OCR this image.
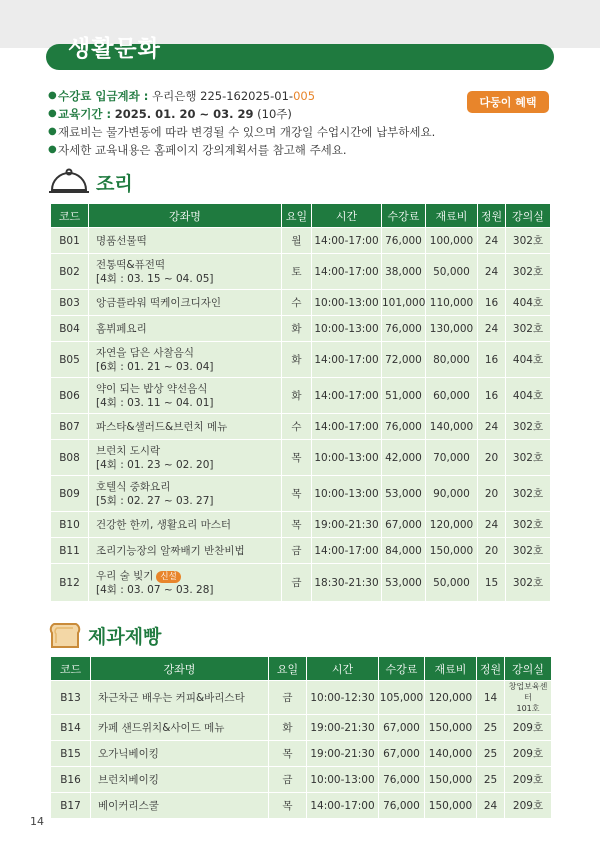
생활문화
● 수강료 입금계좌 :
우리은행 225-162025-01- 005
● 교육기간 :
2025. 01. 20 ~ 03. 29
(10주)
● 재료비는 물가변동에 따라 변경될 수 있으며 개강일 수업시간에 납부하세요.
● 자세한 교육내용은 홈페이지 강의계획서를 참고해 주세요.
다둥이 혜택
조리
코드	강좌명	요일	시간	수강료	재료비	정원	강의실
B01	명품선물떡	월	14:00-17:00	76,000	100,000	24	302호
B02	전통떡&퓨전떡
[4회 : 03. 15 ~ 04. 05]	토	14:00-17:00	38,000	50,000	24	302호
B03	앙금플라워 떡케이크디자인	수	10:00-13:00	101,000	110,000	16	404호
B04	홈뷔페요리	화	10:00-13:00	76,000	130,000	24	302호
B05	자연을 담은 사찰음식
[6회 : 01. 21 ~ 03. 04]	화	14:00-17:00	72,000	80,000	16	404호
B06	약이 되는 밥상 약선음식
[4회 : 03. 11 ~ 04. 01]	화	14:00-17:00	51,000	60,000	16	404호
B07	파스타&샐러드&브런치 메뉴	수	14:00-17:00	76,000	140,000	24	302호
B08	브런치 도시락
[4회 : 01. 23 ~ 02. 20]	목	10:00-13:00	42,000	70,000	20	302호
B09	호텔식 중화요리
[5회 : 02. 27 ~ 03. 27]	목	10:00-13:00	53,000	90,000	20	302호
B10	건강한 한끼, 생활요리 마스터	목	19:00-21:30	67,000	120,000	24	302호
B11	조리기능장의 알짜배기 반찬비법	금	14:00-17:00	84,000	150,000	20	302호
B12	우리 술 빚기 신설
[4회 : 03. 07 ~ 03. 28]	금	18:30-21:30	53,000	50,000	15	302호
제과제빵
코드	강좌명	요일	시간	수강료	재료비	정원	강의실
B13	차근차근 배우는 커피&바리스타	금	10:00-12:30	105,000	120,000	14	창업보육센터
101호

B14	카페 샌드위치&사이드 메뉴	화	19:00-21:30	67,000	150,000	25	209호
B15	오가닉베이킹	목	19:00-21:30	67,000	140,000	25	209호
B16	브런치베이킹	금	10:00-13:00	76,000	150,000	25	209호
B17	베이커리스쿨	목	14:00-17:00	76,000	150,000	24	209호
14
